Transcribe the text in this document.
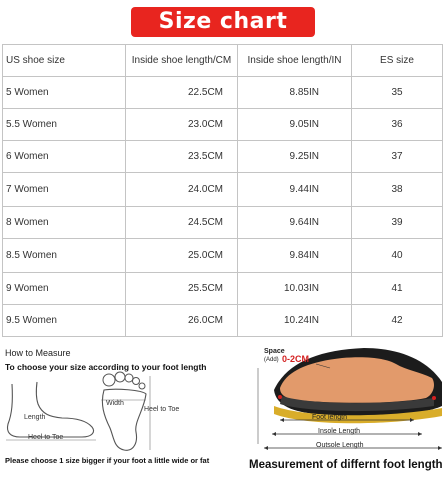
Size chart
US shoe size	Inside shoe length/CM	Inside shoe length/IN	ES size
5 Women	22.5CM	8.85IN	35
5.5 Women	23.0CM	9.05IN	36
6 Women	23.5CM	9.25IN	37
7 Women	24.0CM	9.44IN	38
8 Women	24.5CM	9.64IN	39
8.5 Women	25.0CM	9.84IN	40
9 Women	25.5CM	10.03IN	41
9.5 Women	26.0CM	10.24IN	42
How to Measure
To choose your size according to your foot length
Length
Heel to Toe
Width
Heel to Toe
Please choose 1 size bigger if your foot a little wide or fat
Space
(Add) 0-2CM
Foot length
Insole Length
Outsole Length
Measurement of differnt foot length
